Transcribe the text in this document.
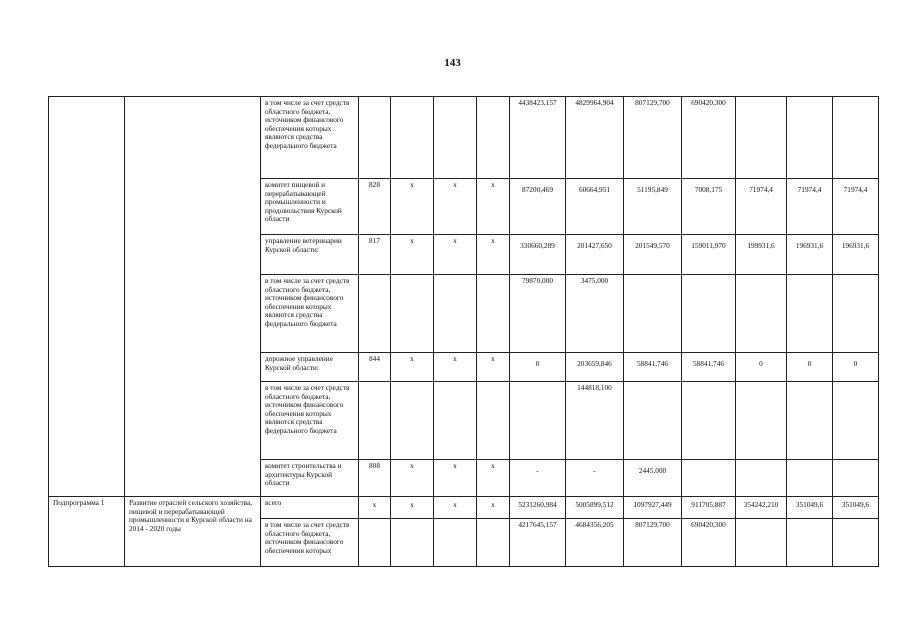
143
		в том числе за счет средств областного бюджета, источником финансового обеспечения которых являются средства федерального бюджета					4438423,157	4829964,904	807129,700	690420,300			
		комитет пищевой и перерабатывающей промышленности и продовольствия Курской области	828	х	х	х	87200,469	60664,951	51195,849	7008,175	71974,4	71974,4	71974,4
		управление ветеринарии Курской области:	817	х	х	х	330660,289	201427,650	201549,570	159011,970	199931,6	196931,6	196931,6
		в том числе за счет средств областного бюджета, источником финансового обеспечения которых являются средства федерального бюджета					79870,000	3475,000					
		дорожное управление Курской области:	844	х	х	х	0	203659,846	58841,746	58841,746	0	0	0
		в том числе за счет средств областного бюджета, источником финансового обеспечения которых являются средства федерального бюджета						144818,100					
		комитет строительства и архитектуры Курской области	808	х	х	х	-	-	2445,000				
Подпрограмма 1	Развитие отраслей сельского хозяйства, пищевой и перерабатывающей промышленности в Курской области на 2014 - 2020 годы	всего	х	х	х	х	5231260,984	5005899,512	1097927,449	911705,887	354242,210	351049,6	351049,6
		в том числе за счет средств областного бюджета, источником финансового обеспечения которых					4217645,157	4684356,205	807129,700	690420,300			
